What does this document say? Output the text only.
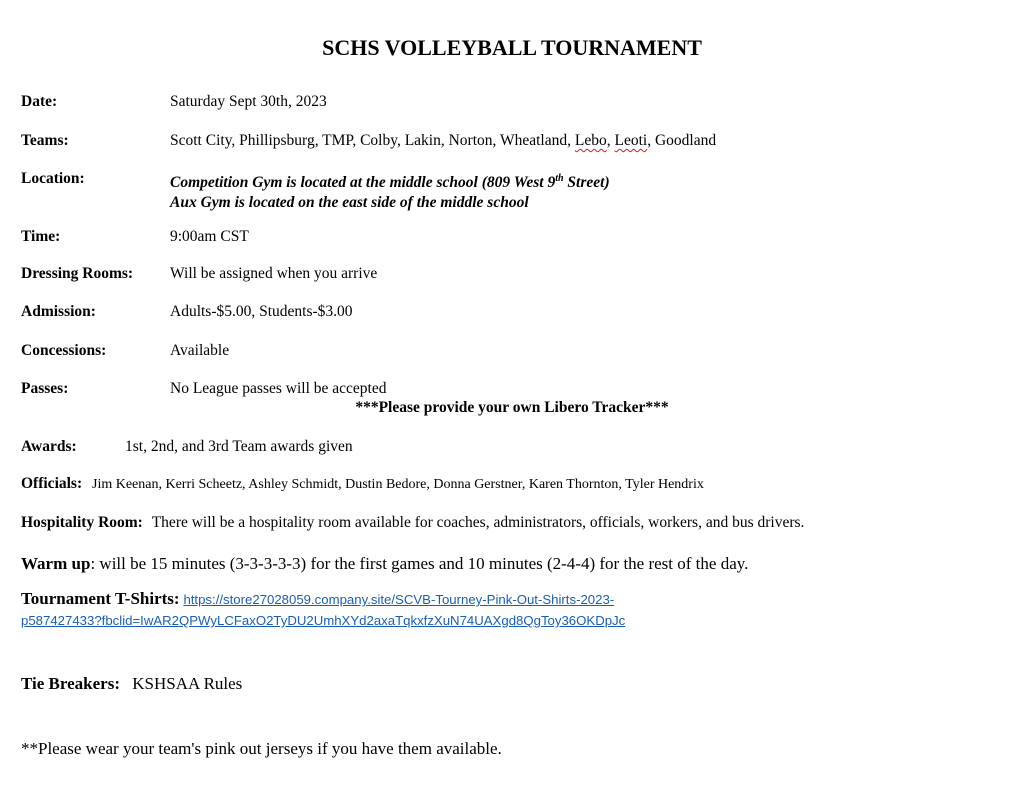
SCHS VOLLEYBALL TOURNAMENT
Date:	Saturday Sept 30th, 2023
Teams:	Scott City, Phillipsburg, TMP, Colby, Lakin, Norton, Wheatland, Lebo, Leoti, Goodland
Location:	Competition Gym is located at the middle school (809 West 9th Street)
Aux Gym is located on the east side of the middle school
Time:	9:00am CST
Dressing Rooms: Will be assigned when you arrive
Admission:	Adults-$5.00, Students-$3.00
Concessions:	Available
Passes:	No League passes will be accepted
***Please provide your own Libero Tracker***
Awards:	1st, 2nd, and 3rd Team awards given
Officials: Jim Keenan, Kerri Scheetz, Ashley Schmidt, Dustin Bedore, Donna Gerstner, Karen Thornton, Tyler Hendrix
Hospitality Room: There will be a hospitality room available for coaches, administrators, officials, workers, and bus drivers.
Warm up: will be 15 minutes (3-3-3-3-3) for the first games and 10 minutes (2-4-4) for the rest of the day.
Tournament T-Shirts: https://store27028059.company.site/SCVB-Tourney-Pink-Out-Shirts-2023-
p587427433?fbclid=IwAR2QPWyLCFaxO2TyDU2UmhXYd2axaTqkxfzXuN74UAXgd8QgToy36OKDpJc
Tie Breakers: KSHSAA Rules
**Please wear your team's pink out jerseys if you have them available.
